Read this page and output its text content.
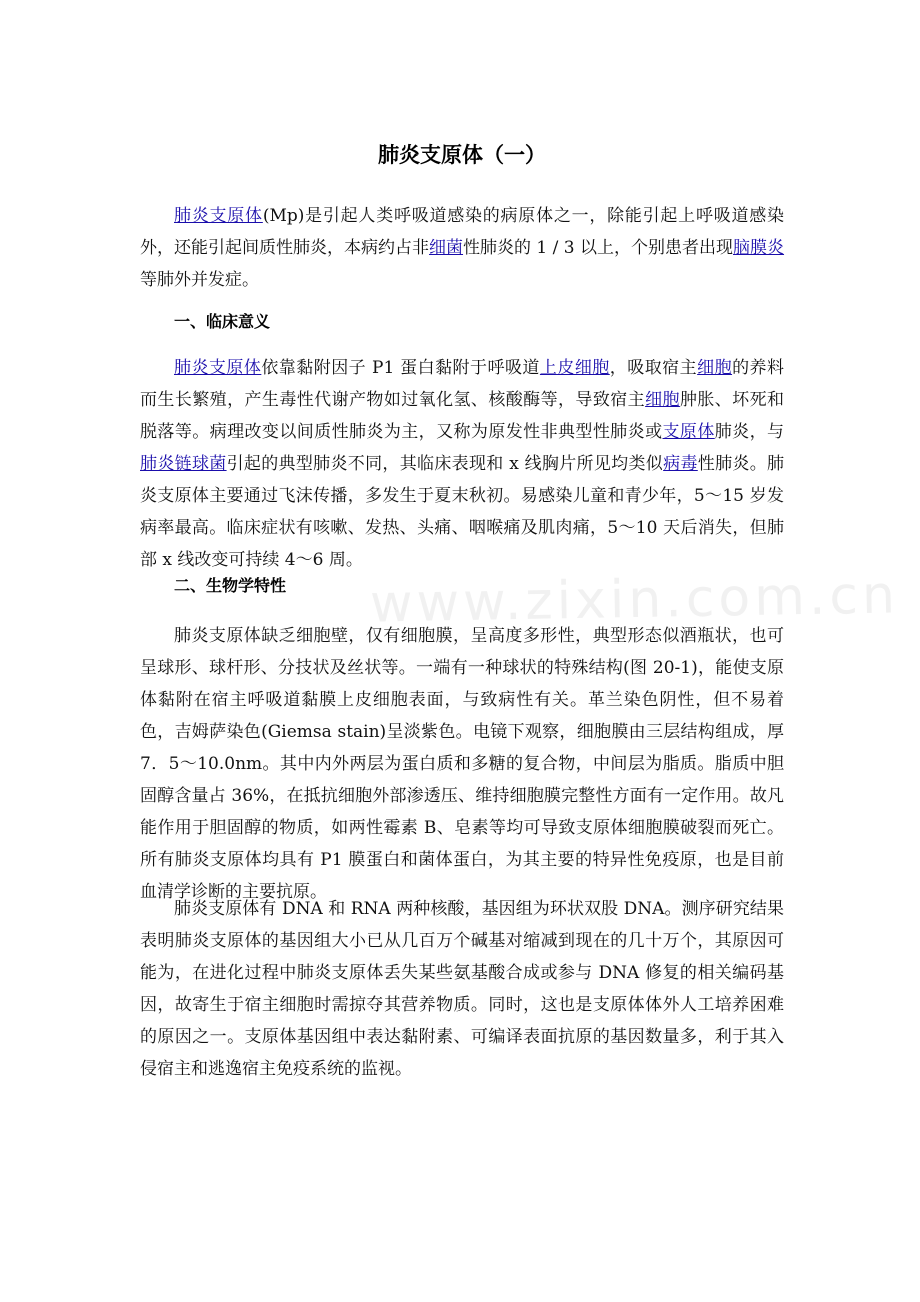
www.zixin.com.cn
肺炎支原体（一）

肺炎支原体(Mp)是引起人类呼吸道感染的病原体之一，除能引起上呼吸道感染外，还能引起间质性肺炎，本病约占非细菌性肺炎的 1 / 3 以上，个别患者出现脑膜炎等肺外并发症。

一、临床意义

肺炎支原体依靠黏附因子 P1 蛋白黏附于呼吸道上皮细胞，吸取宿主细胞的养料而生长繁殖，产生毒性代谢产物如过氧化氢、核酸酶等，导致宿主细胞肿胀、坏死和脱落等。病理改变以间质性肺炎为主，又称为原发性非典型性肺炎或支原体肺炎，与肺炎链球菌引起的典型肺炎不同，其临床表现和 x 线胸片所见均类似病毒性肺炎。肺炎支原体主要通过飞沫传播，多发生于夏末秋初。易感染儿童和青少年，5～15 岁发病率最高。临床症状有咳嗽、发热、头痛、咽喉痛及肌肉痛，5～10 天后消失，但肺部 x 线改变可持续 4～6 周。

二、生物学特性

肺炎支原体缺乏细胞壁，仅有细胞膜，呈高度多形性，典型形态似酒瓶状，也可呈球形、球杆形、分技状及丝状等。一端有一种球状的特殊结构(图 20-1)，能使支原体黏附在宿主呼吸道黏膜上皮细胞表面，与致病性有关。革兰染色阴性，但不易着色，吉姆萨染色(Giemsa stain)呈淡紫色。电镜下观察，细胞膜由三层结构组成，厚 7．5～10.0nm。其中内外两层为蛋白质和多糖的复合物，中间层为脂质。脂质中胆固醇含量占 36%，在抵抗细胞外部渗透压、维持细胞膜完整性方面有一定作用。故凡能作用于胆固醇的物质，如两性霉素 B、皂素等均可导致支原体细胞膜破裂而死亡。所有肺炎支原体均具有 P1 膜蛋白和菌体蛋白，为其主要的特异性免疫原，也是目前血清学诊断的主要抗原。

肺炎支原体有 DNA 和 RNA 两种核酸，基因组为环状双股 DNA。测序研究结果表明肺炎支原体的基因组大小已从几百万个碱基对缩减到现在的几十万个，其原因可能为，在进化过程中肺炎支原体丢失某些氨基酸合成或参与 DNA 修复的相关编码基因，故寄生于宿主细胞时需掠夺其营养物质。同时，这也是支原体体外人工培养困难的原因之一。支原体基因组中表达黏附素、可编译表面抗原的基因数量多，利于其入侵宿主和逃逸宿主免疫系统的监视。
